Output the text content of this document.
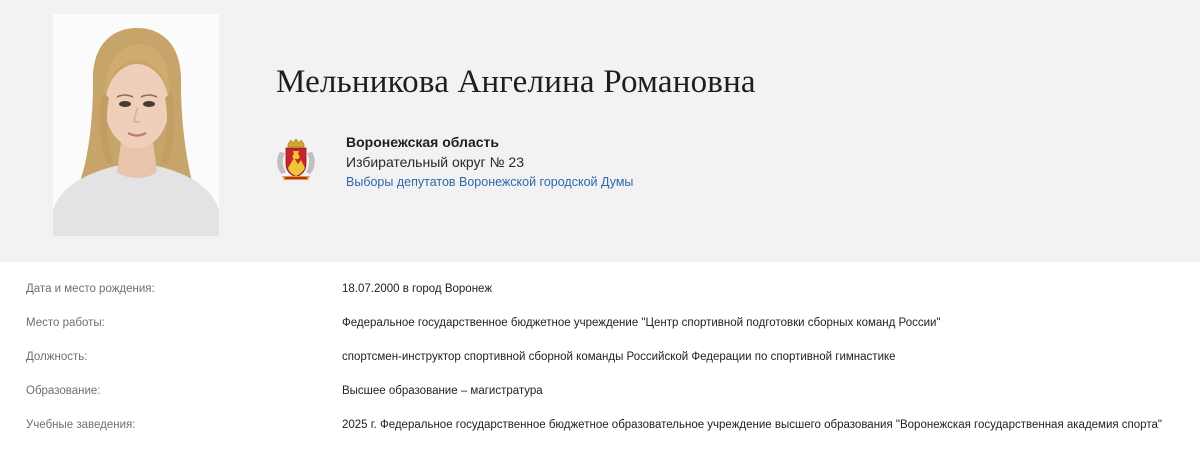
Мельникова Ангелина Романовна
Воронежская область
Избирательный округ № 23
Выборы депутатов Воронежской городской Думы
Дата и место рождения:	18.07.2000 в город Воронеж
Место работы:	Федеральное государственное бюджетное учреждение "Центр спортивной подготовки сборных команд России"
Должность:	спортсмен-инструктор спортивной сборной команды Российской Федерации по спортивной гимнастике
Образование:	Высшее образование – магистратура
Учебные заведения:	2025 г. Федеральное государственное бюджетное образовательное учреждение высшего образования "Воронежская государственная академия спорта"
